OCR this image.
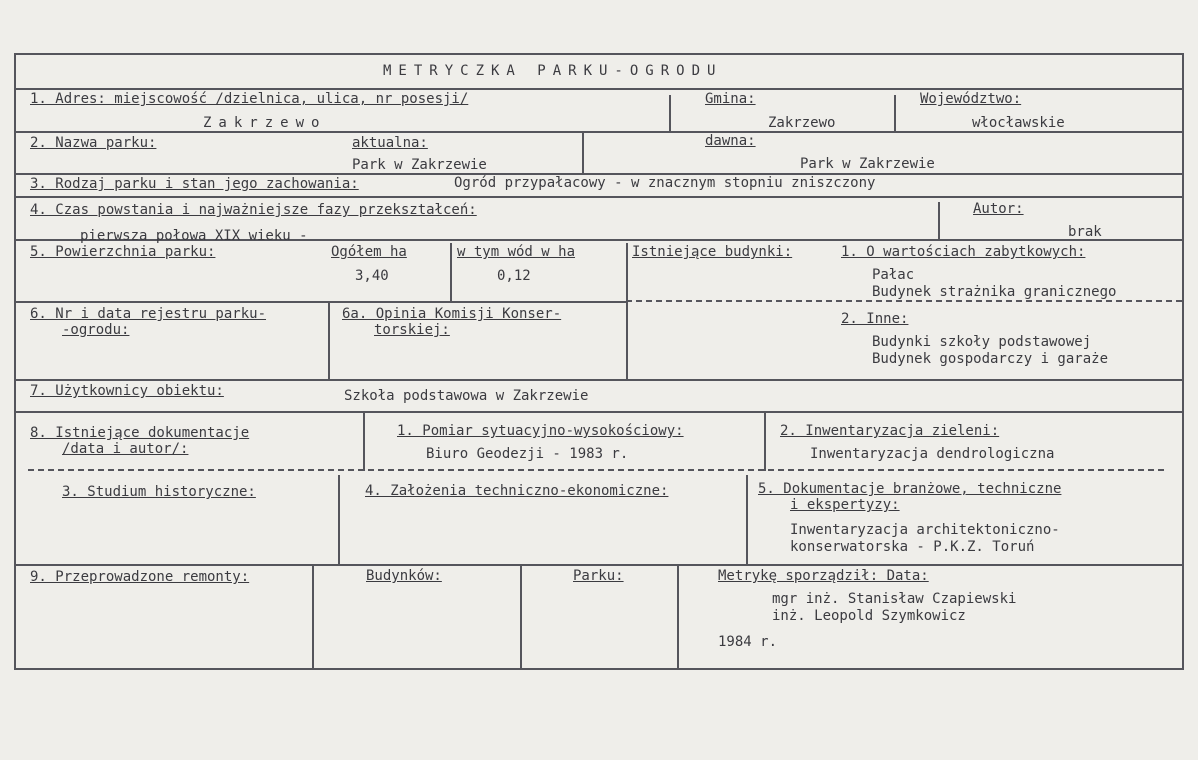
METRYCZKA PARKU-OGRODU
1. Adres: miejscowość /dzielnica, ulica, nr posesji/
Zakrzewo
Gmina:
Zakrzewo
Województwo:
włocławskie
2. Nazwa parku:	aktualna:
Park w Zakrzewie
dawna:
Park w Zakrzewie
3. Rodzaj parku i stan jego zachowania:	Ogród przypałacowy - w znacznym stopniu zniszczony
4. Czas powstania i najważniejsze fazy przekształceń:
pierwsza połowa XIX wieku -
Autor:
brak
5. Powierzchnia parku:	Ogółem ha
3,40
w tym wód w ha
0,12
Istniejące budynki:	1. O wartościach zabytkowych:
Pałac
Budynek strażnika granicznego
2. Inne:
Budynki szkoły podstawowej
Budynek gospodarczy i garaże
6. Nr i data rejestru parku-
-ogrodu:
6a. Opinia Komisji Konser-
torskiej:
7. Użytkownicy obiektu:	Szkoła podstawowa w Zakrzewie
8. Istniejące dokumentacje
/data i autor/:
1. Pomiar sytuacyjno-wysokościowy:
Biuro Geodezji - 1983 r.
2. Inwentaryzacja zieleni:
Inwentaryzacja dendrologiczna
3. Studium historyczne:	4. Założenia techniczno-ekonomiczne:	5. Dokumentacje branżowe, techniczne
i ekspertyzy:
Inwentaryzacja architektoniczno-
konserwatorska - P.K.Z. Toruń
9. Przeprowadzone remonty:	Budynków:	Parku:	Metrykę sporządził: Data:
mgr inż. Stanisław Czapiewski
inż. Leopold Szymkowicz
1984 r.
